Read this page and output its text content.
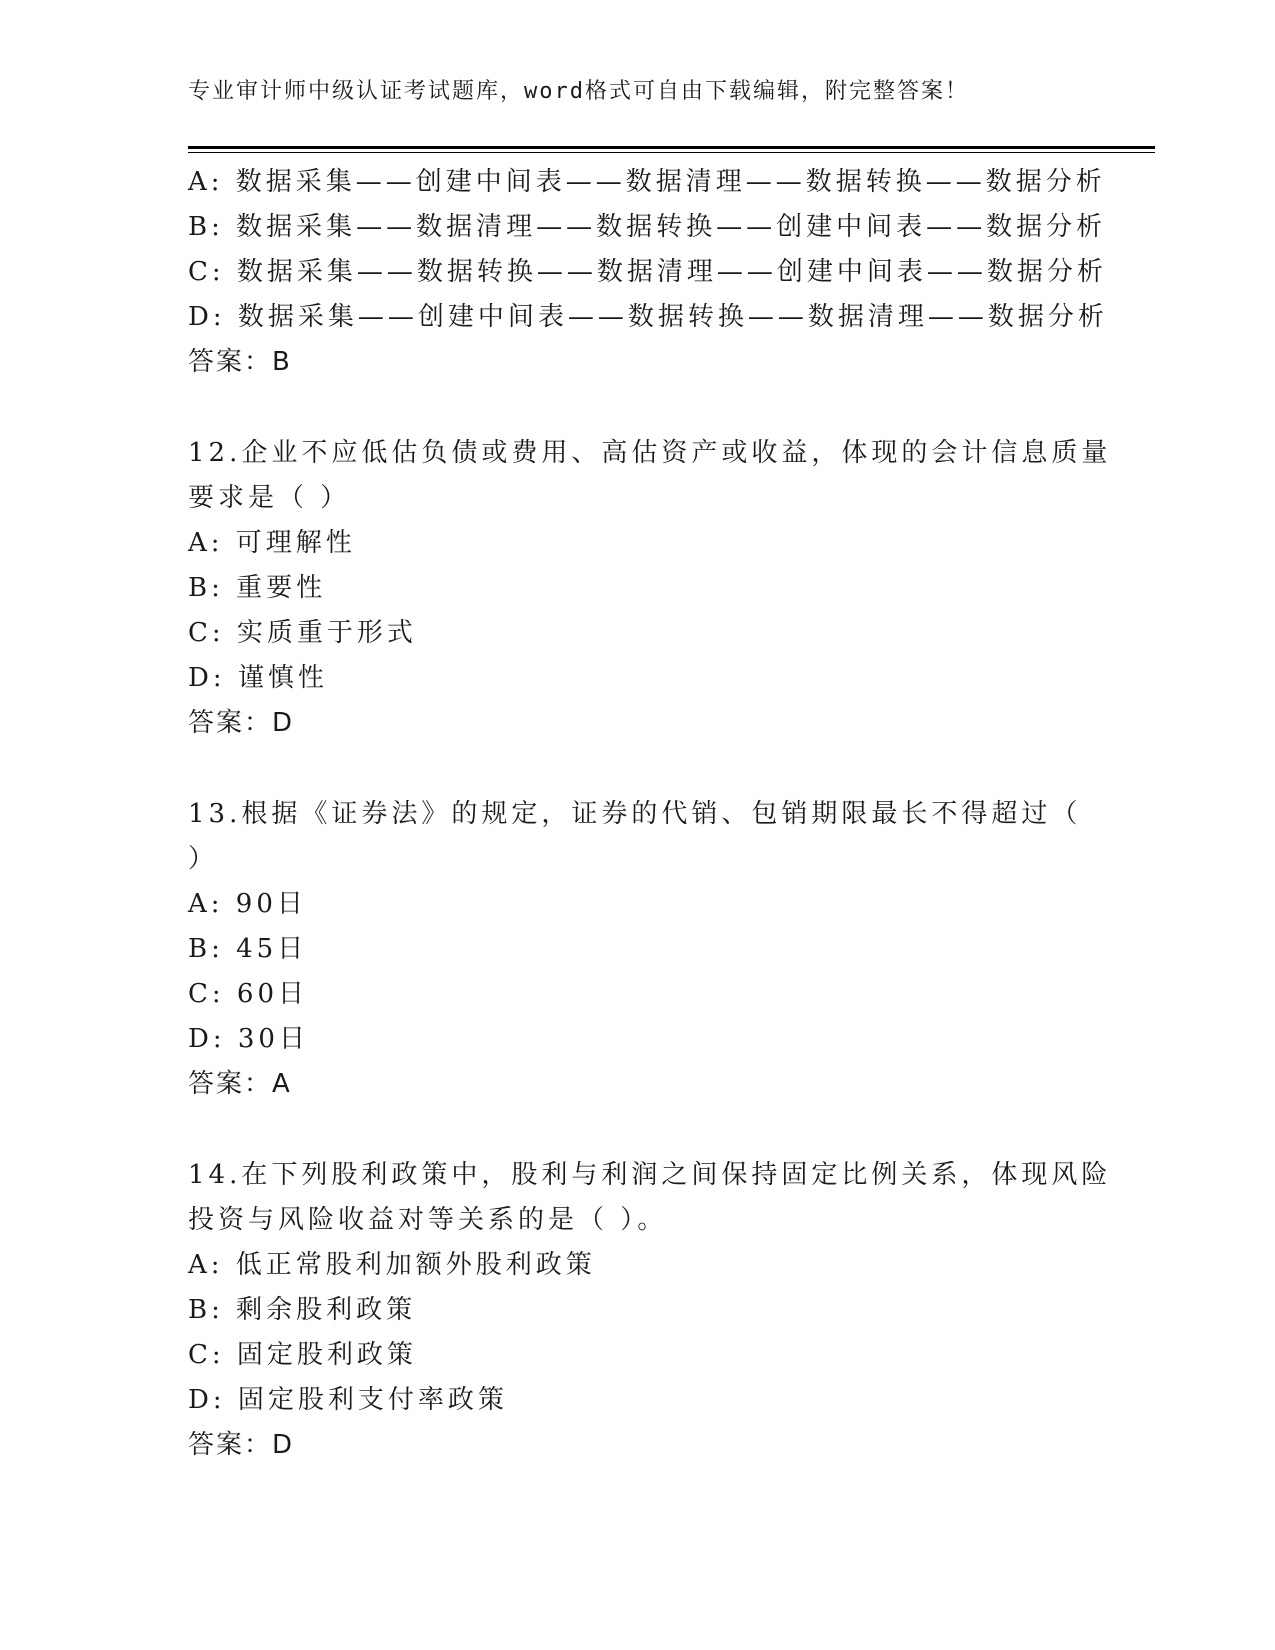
专业审计师中级认证考试题库，word格式可自由下载编辑，附完整答案！
A: 数据采集——创建中间表——数据清理——数据转换——数据分析
B: 数据采集——数据清理——数据转换——创建中间表——数据分析
C: 数据采集——数据转换——数据清理——创建中间表——数据分析
D: 数据采集——创建中间表——数据转换——数据清理——数据分析
答案：B
12.企业不应低估负债或费用、高估资产或收益，体现的会计信息质量
要求是（ ）
A: 可理解性
B: 重要性
C: 实质重于形式
D: 谨慎性
答案：D
13.根据《证券法》的规定，证券的代销、包销期限最长不得超过（
）
A: 90日
B: 45日
C: 60日
D: 30日
答案：A
14.在下列股利政策中，股利与利润之间保持固定比例关系，体现风险
投资与风险收益对等关系的是（ ）。
A: 低正常股利加额外股利政策
B: 剩余股利政策
C: 固定股利政策
D: 固定股利支付率政策
答案：D
